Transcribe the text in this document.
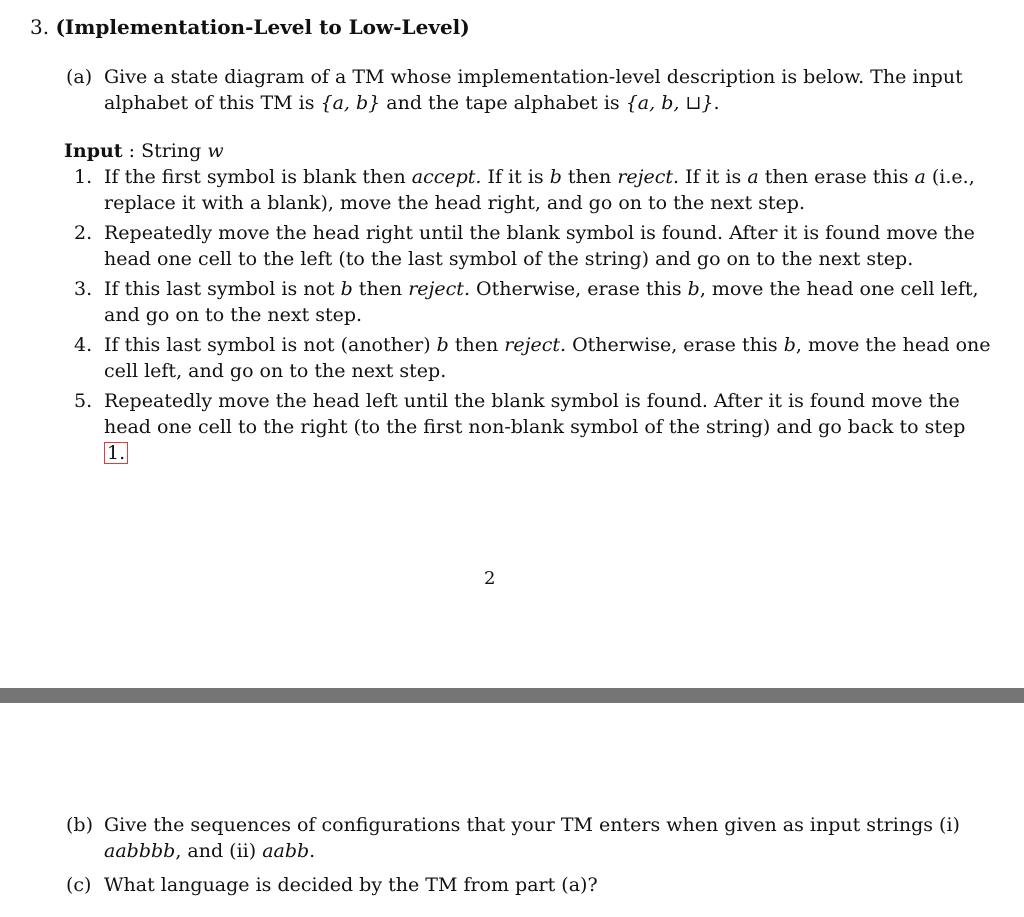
3. (Implementation-Level to Low-Level)
(a) Give a state diagram of a TM whose implementation-level description is below. The input alphabet of this TM is {a, b} and the tape alphabet is {a, b, ⊔}.
Input : String w
1. If the first symbol is blank then accept. If it is b then reject. If it is a then erase this a (i.e., replace it with a blank), move the head right, and go on to the next step.
2. Repeatedly move the head right until the blank symbol is found. After it is found move the head one cell to the left (to the last symbol of the string) and go on to the next step.
3. If this last symbol is not b then reject. Otherwise, erase this b, move the head one cell left, and go on to the next step.
4. If this last symbol is not (another) b then reject. Otherwise, erase this b, move the head one cell left, and go on to the next step.
5. Repeatedly move the head left until the blank symbol is found. After it is found move the head one cell to the right (to the first non-blank symbol of the string) and go back to step 1.
2
(b) Give the sequences of configurations that your TM enters when given as input strings (i) aabbbb, and (ii) aabb.
(c) What language is decided by the TM from part (a)?
